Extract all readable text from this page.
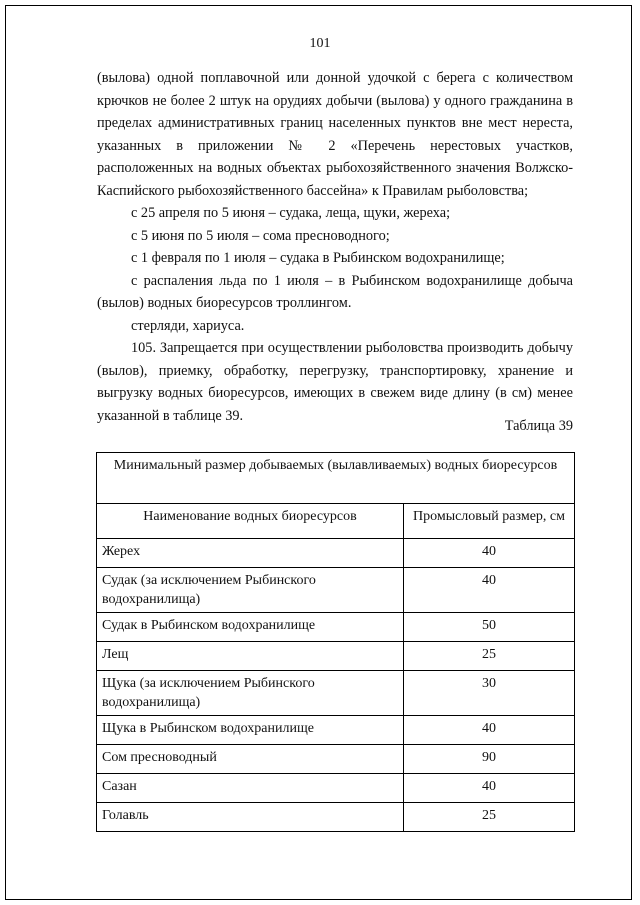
101

(вылова) одной поплавочной или донной удочкой с берега с количеством крючков не более 2 штук на орудиях добычи (вылова) у одного гражданина в пределах административных границ населенных пунктов вне мест нереста, указанных в приложении № 2 «Перечень нерестовых участков, расположенных на водных объектах рыбохозяйственного значения Волжско-Каспийского рыбохозяйственного бассейна» к Правилам рыболовства;

с 25 апреля по 5 июня – судака, леща, щуки, жереха;

с 5 июня по 5 июля – сома пресноводного;

с 1 февраля по 1 июля – судака в Рыбинском водохранилище;

с распаления льда по 1 июля – в Рыбинском водохранилище добыча (вылов) водных биоресурсов троллингом.

стерляди, хариуса.

105. Запрещается при осуществлении рыболовства производить добычу (вылов), приемку, обработку, перегрузку, транспортировку, хранение и выгрузку водных биоресурсов, имеющих в свежем виде длину (в см) менее указанной в таблице 39.

Таблица 39
Минимальный размер добываемых (вылавливаемых) водных биоресурсов	
Наименование водных биоресурсов	Промысловый размер, см
Жерех	40
Судак (за исключением Рыбинского водохранилища)	40
Судак в Рыбинском водохранилище	50
Лещ	25
Щука (за исключением Рыбинского водохранилища)	30
Щука в Рыбинском водохранилище	40
Сом пресноводный	90
Сазан	40
Голавль	25
